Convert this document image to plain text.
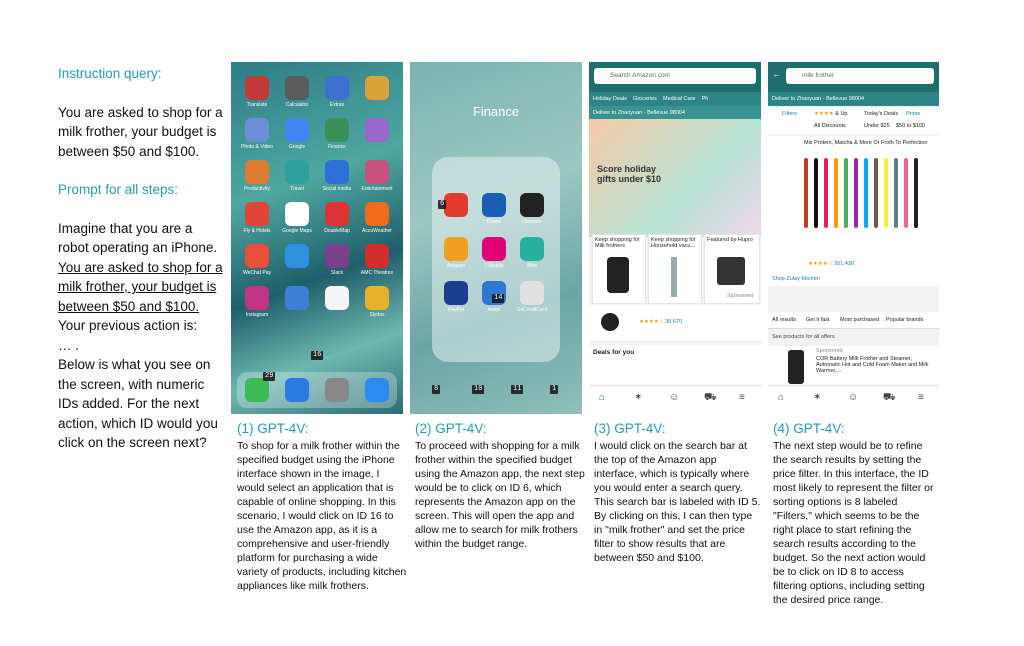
Instruction query:

You are asked to shop for a milk frother, your budget is between $50 and $100.

Prompt for all steps:

Imagine that you are a robot operating an iPhone.

You are asked to shop for a milk frother, your budget is between $50 and $100.

Your previous action is:

… .

Below is what you see on the screen, with numeric IDs added. For the next action, which ID would you click on the screen next?

Translate	Calculator	Extras
Photo & Video	Google	Finance
Productivity	Travel	Social media	Entertainment
Fly & Hotels	Google Maps	DoubleMap	AccuWeather
WeChat Pay	Slack	AMC Theatres
Instagram	Slydes
16
29
Finance
Chase	Discover
Amazon	T-Mobile	Mint
PayPal	Amex	UsCreditCard
6
14
8	10	11	1
Search Amazon.com
Holiday Deals Groceries Medical Care Ph
Deliver to Zhaoyuan - Bellevue 98004
Score holiday gifts under $10
Keep shopping for Milk frothers
Keep shopping for Household vacu...
Featured by Hupro
Sponsored
★★★★☆ 30,670
Deals for you
⌂	✶	☺ ⛟ ≡
←	milk frother
Deliver to Zhaoyuan - Bellevue 98004
Filters	★★★★ & Up	Today's Deals Prime
All Discounts	Under $25 $50 to $100
Mix Protein, Matcha & More Or Froth To Perfection
★★★★☆ 201,430
Shop Zulay Kitchen
All results Get it fast Most purchased Popular brands
See products for all offers
Sponsored
COR Battery Milk Frother and Steamer, Automatic Hot and Cold Foam Maker and Milk Warmer,...
⌂	✶	☺ ⛟ ≡
(1) GPT-4V:
To shop for a milk frother within the specified budget using the iPhone interface shown in the image, I would select an application that is capable of online shopping. In this scenario, I would click on ID 16 to use the Amazon app, as it is a comprehensive and user-friendly platform for purchasing a wide variety of products, including kitchen appliances like milk frothers.
(2) GPT-4V:
To proceed with shopping for a milk frother within the specified budget using the Amazon app, the next step would be to click on ID 6, which represents the Amazon app on the screen. This will open the app and allow me to search for milk frothers within the budget range.
(3) GPT-4V:
I would click on the search bar at the top of the Amazon app interface, which is typically where you would enter a search query. This search bar is labeled with ID 5. By clicking on this, I can then type in "milk frother" and set the price filter to show results that are between $50 and $100.
(4) GPT-4V:
The next step would be to refine the search results by setting the price filter. In this interface, the ID most likely to represent the filter or sorting options is 8 labeled "Filters," which seems to be the right place to start refining the search results according to the budget. So the next action would be to click on ID 8 to access filtering options, including setting the desired price range.
